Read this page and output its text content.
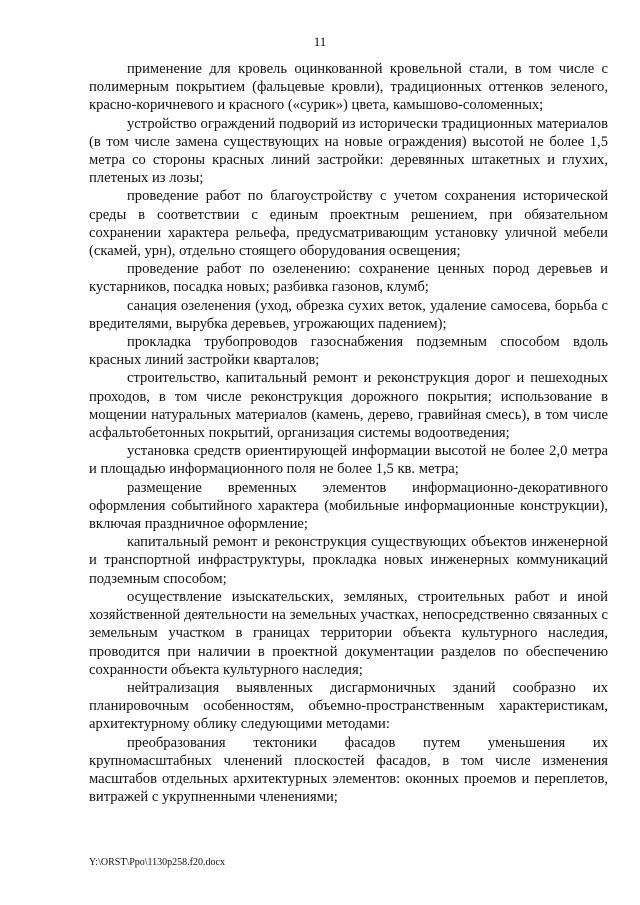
11

применение для кровель оцинкованной кровельной стали, в том числе с полимерным покрытием (фальцевые кровли), традиционных оттенков зеленого, красно-коричневого и красного («сурик») цвета, камышово-соломенных;

устройство ограждений подворий из исторически традиционных материалов (в том числе замена существующих на новые ограждения) высотой не более 1,5 метра со стороны красных линий застройки: деревянных штакетных и глухих, плетеных из лозы;

проведение работ по благоустройству с учетом сохранения исторической среды в соответствии с единым проектным решением, при обязательном сохранении характера рельефа, предусматривающим установку уличной мебели (скамей, урн), отдельно стоящего оборудования освещения;

проведение работ по озеленению: сохранение ценных пород деревьев и кустарников, посадка новых; разбивка газонов, клумб;

санация озеленения (уход, обрезка сухих веток, удаление самосева, борьба с вредителями, вырубка деревьев, угрожающих падением);

прокладка трубопроводов газоснабжения подземным способом вдоль красных линий застройки кварталов;

строительство, капитальный ремонт и реконструкция дорог и пешеходных проходов, в том числе реконструкция дорожного покрытия; использование в мощении натуральных материалов (камень, дерево, гравийная смесь), в том числе асфальтобетонных покрытий, организация системы водоотведения;

установка средств ориентирующей информации высотой не более 2,0 метра и площадью информационного поля не более 1,5 кв. метра;

размещение временных элементов информационно-декоративного оформления событийного характера (мобильные информационные конструкции), включая праздничное оформление;

капитальный ремонт и реконструкция существующих объектов инженерной и транспортной инфраструктуры, прокладка новых инженерных коммуникаций подземным способом;

осуществление изыскательских, земляных, строительных работ и иной хозяйственной деятельности на земельных участках, непосредственно связанных с земельным участком в границах территории объекта культурного наследия, проводится при наличии в проектной документации разделов по обеспечению сохранности объекта культурного наследия;

нейтрализация выявленных дисгармоничных зданий сообразно их планировочным особенностям, объемно-пространственным характеристикам, архитектурному облику следующими методами:

преобразования тектоники фасадов путем уменьшения их крупномасштабных членений плоскостей фасадов, в том числе изменения масштабов отдельных архитектурных элементов: оконных проемов и переплетов, витражей с укрупненными членениями;

Y:\ORST\Ppo\1130p258.f20.docx
